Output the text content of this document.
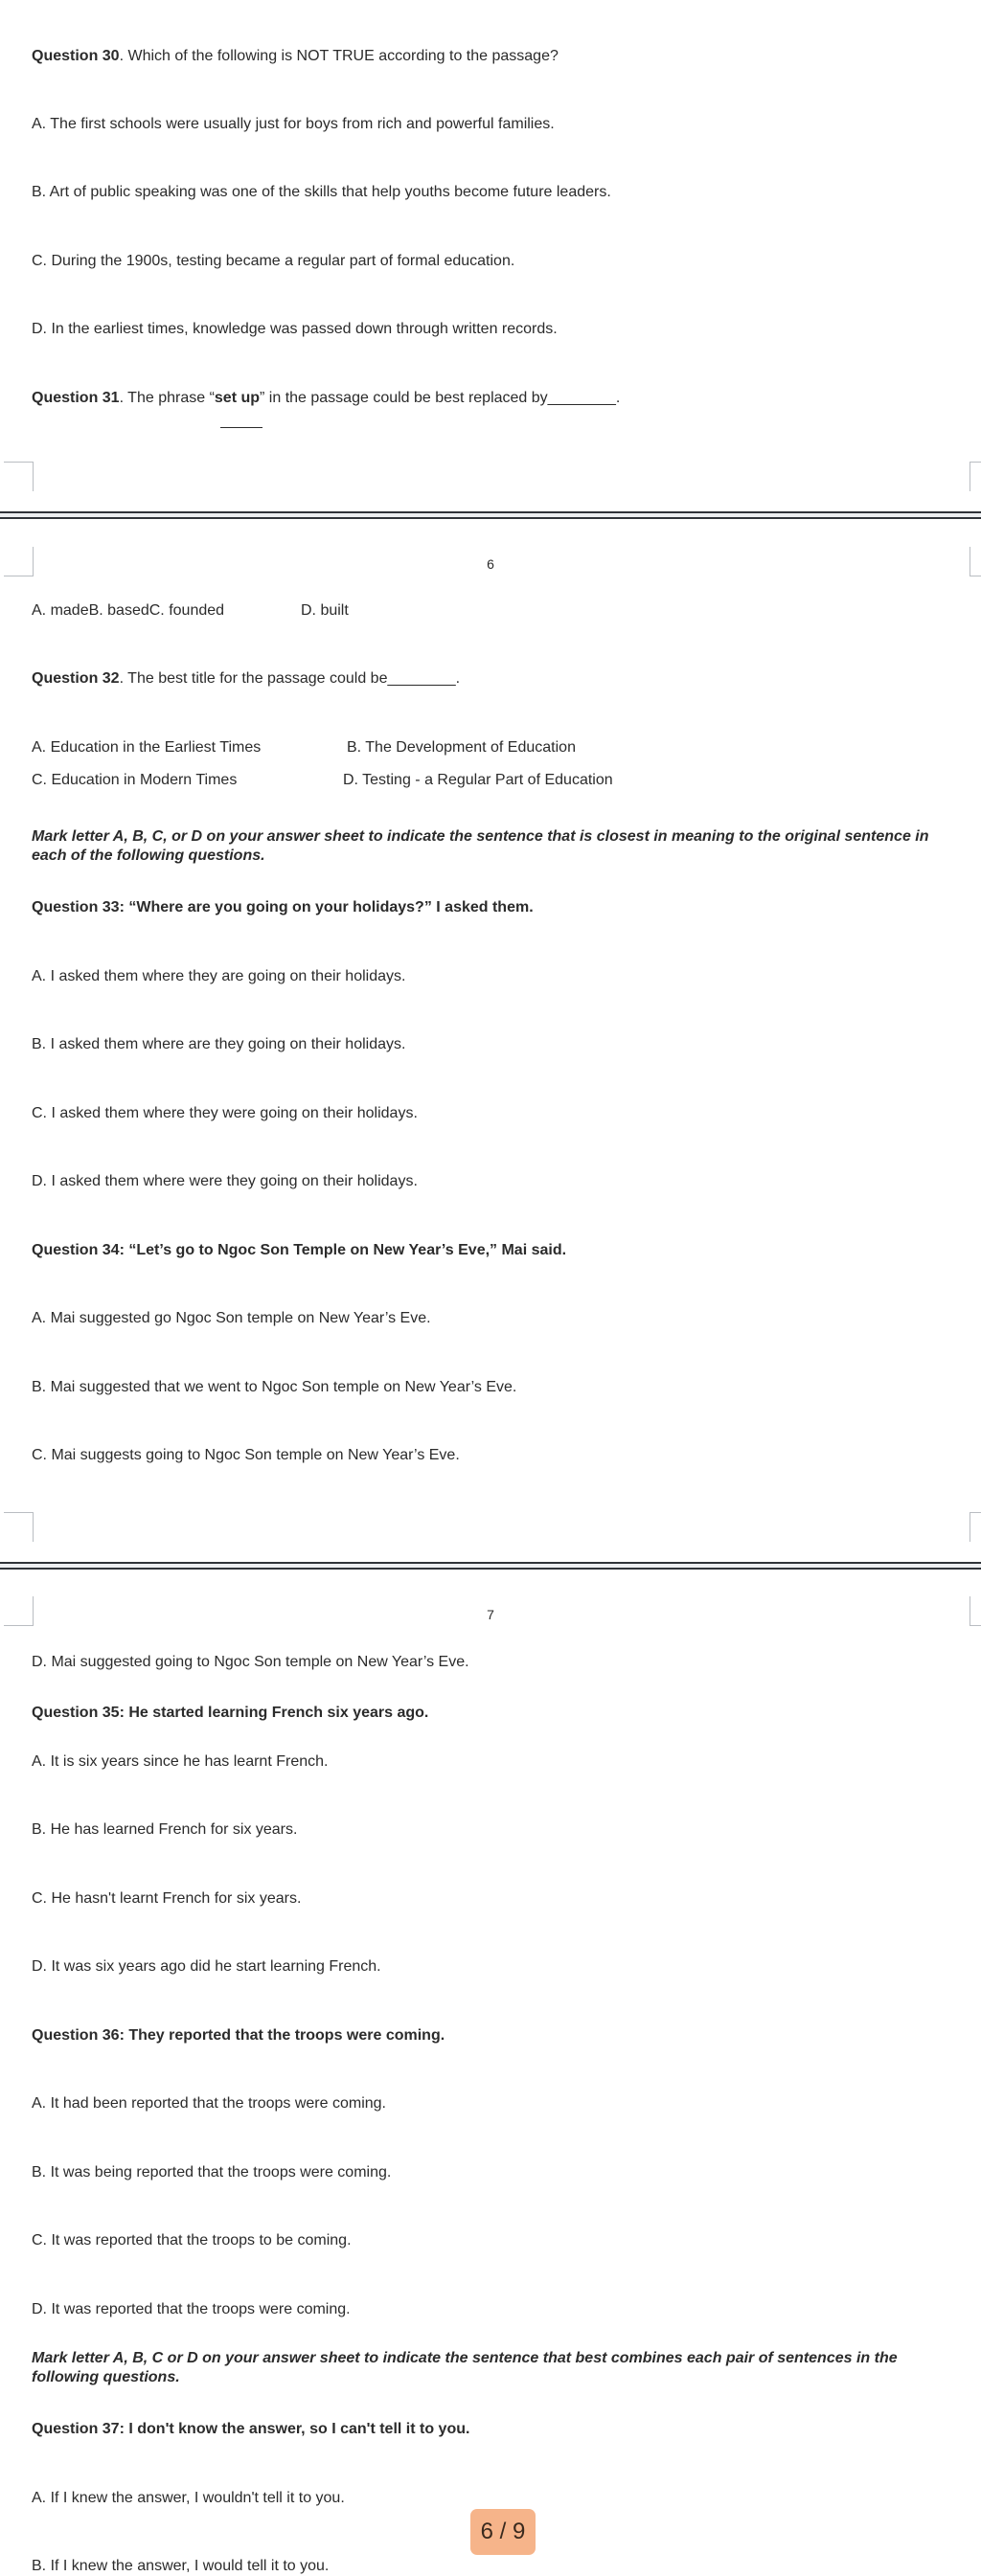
Question 30. Which of the following is NOT TRUE according to the passage?
A. The first schools were usually just for boys from rich and powerful families.
B. Art of public speaking was one of the skills that help youths become future leaders.
C. During the 1900s, testing became a regular part of formal education.
D. In the earliest times, knowledge was passed down through written records.
Question 31. The phrase “set up” in the passage could be best replaced by________.
6
A. madeB. basedC. founded	D. built
Question 32. The best title for the passage could be________.
A. Education in the Earliest Times	B. The Development of Education
C. Education in Modern Times	D. Testing - a Regular Part of Education
Mark letter A, B, C, or D on your answer sheet to indicate the sentence that is closest in meaning to the original sentence in each of the following questions.
Question 33: “Where are you going on your holidays?” I asked them.
A. I asked them where they are going on their holidays.
B. I asked them where are they going on their holidays.
C. I asked them where they were going on their holidays.
D. I asked them where were they going on their holidays.
Question 34: “Let’s go to Ngoc Son Temple on New Year’s Eve,” Mai said.
A. Mai suggested go Ngoc Son temple on New Year’s Eve.
B. Mai suggested that we went to Ngoc Son temple on New Year’s Eve.
C. Mai suggests going to Ngoc Son temple on New Year’s Eve.
7
D. Mai suggested going to Ngoc Son temple on New Year’s Eve.
Question 35: He started learning French six years ago.
A. It is six years since he has learnt French.
B. He has learned French for six years.
C. He hasn't learnt French for six years.
D. It was six years ago did he start learning French.
Question 36: They reported that the troops were coming.
A. It had been reported that the troops were coming.
B. It was being reported that the troops were coming.
C. It was reported that the troops to be coming.
D. It was reported that the troops were coming.
Mark letter A, B, C or D on your answer sheet to indicate the sentence that best combines each pair of sentences in the following questions.
Question 37: I don't know the answer, so I can't tell it to you.
A. If I knew the answer, I wouldn't tell it to you.
B. If I knew the answer, I would tell it to you.
6 / 9
